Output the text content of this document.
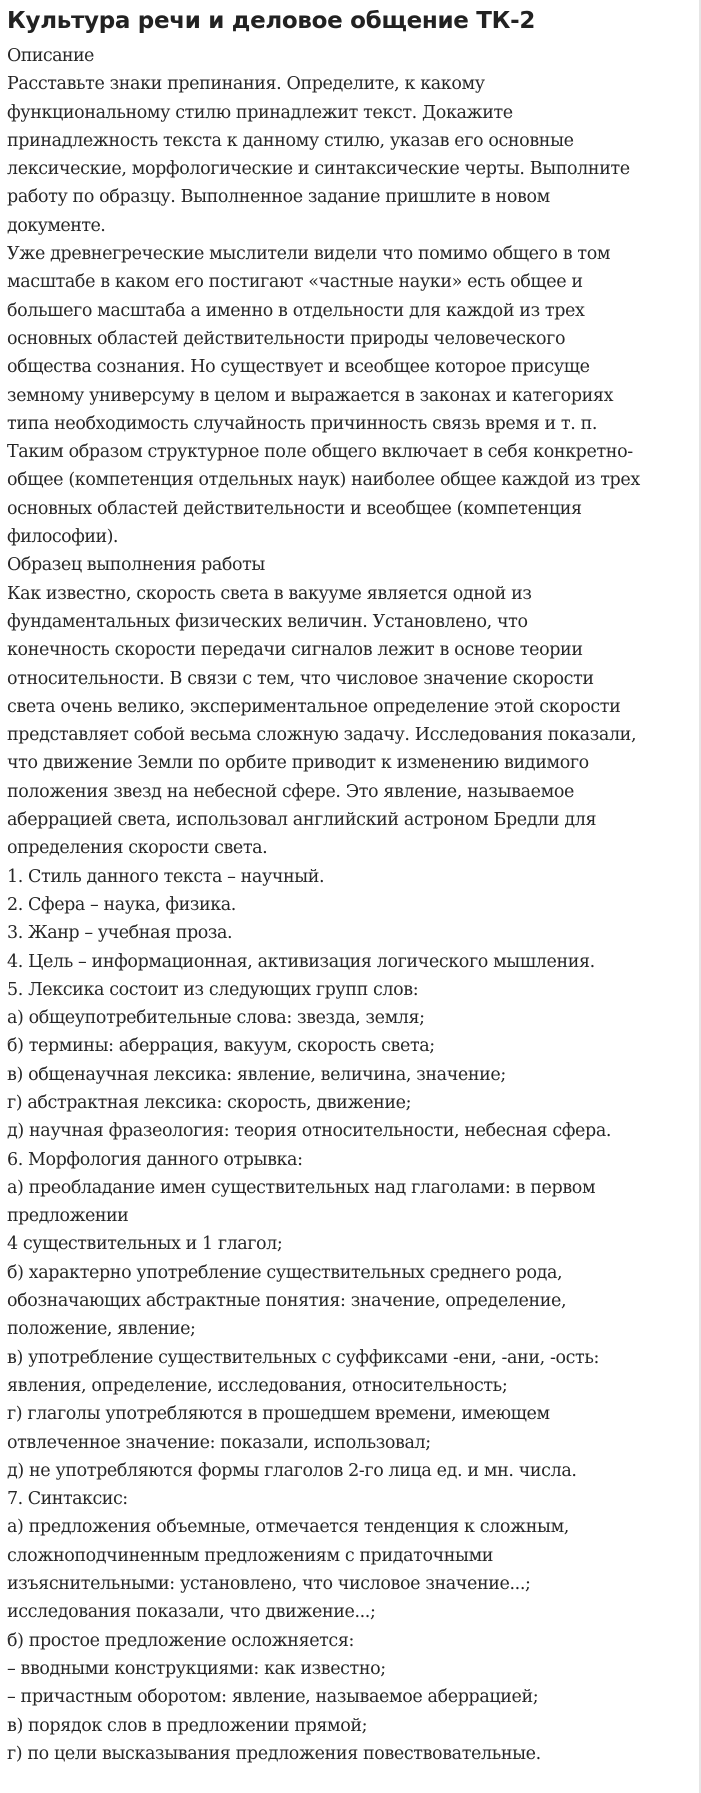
Культура речи и деловое общение ТК-2
Описание
Расставьте знаки препинания. Определите, к какому
функциональному стилю принадлежит текст. Докажите
принадлежность текста к данному стилю, указав его основные
лексические, морфологические и синтаксические черты. Выполните
работу по образцу. Выполненное задание пришлите в новом
документе.
Уже древнегреческие мыслители видели что помимо общего в том
масштабе в каком его постигают «частные науки» есть общее и
большего масштаба а именно в отдельности для каждой из трех
основных областей действительности природы человеческого
общества сознания. Но существует и всеобщее которое присуще
земному универсуму в целом и выражается в законах и категориях
типа необходимость случайность причинность связь время и т. п.
Таким образом структурное поле общего включает в себя конкретно-
общее (компетенция отдельных наук) наиболее общее каждой из трех
основных областей действительности и всеобщее (компетенция
философии).
Образец выполнения работы
Как известно, скорость света в вакууме является одной из
фундаментальных физических величин. Установлено, что
конечность скорости передачи сигналов лежит в основе теории
относительности. В связи с тем, что числовое значение скорости
света очень велико, экспериментальное определение этой скорости
представляет собой весьма сложную задачу. Исследования показали,
что движение Земли по орбите приводит к изменению видимого
положения звезд на небесной сфере. Это явление, называемое
аберрацией света, использовал английский астроном Бредли для
определения скорости света.
1. Стиль данного текста – научный.
2. Сфера – наука, физика.
3. Жанр – учебная проза.
4. Цель – информационная, активизация логического мышления.
5. Лексика состоит из следующих групп слов:
а) общеупотребительные слова: звезда, земля;
б) термины: аберрация, вакуум, скорость света;
в) общенаучная лексика: явление, величина, значение;
г) абстрактная лексика: скорость, движение;
д) научная фразеология: теория относительности, небесная сфера.
6. Морфология данного отрывка:
а) преобладание имен существительных над глаголами: в первом
предложении
4 существительных и 1 глагол;
б) характерно употребление существительных среднего рода,
обозначающих абстрактные понятия: значение, определение,
положение, явление;
в) употребление существительных с суффиксами -ени, -ани, -ость:
явления, определение, исследования, относительность;
г) глаголы употребляются в прошедшем времени, имеющем
отвлеченное значение: показали, использовал;
д) не употребляются формы глаголов 2-го лица ед. и мн. числа.
7. Синтаксис:
а) предложения объемные, отмечается тенденция к сложным,
сложноподчиненным предложениям с придаточными
изъяснительными: установлено, что числовое значение...;
исследования показали, что движение...;
б) простое предложение осложняется:
– вводными конструкциями: как известно;
– причастным оборотом: явление, называемое аберрацией;
в) порядок слов в предложении прямой;
г) по цели высказывания предложения повествовательные.
